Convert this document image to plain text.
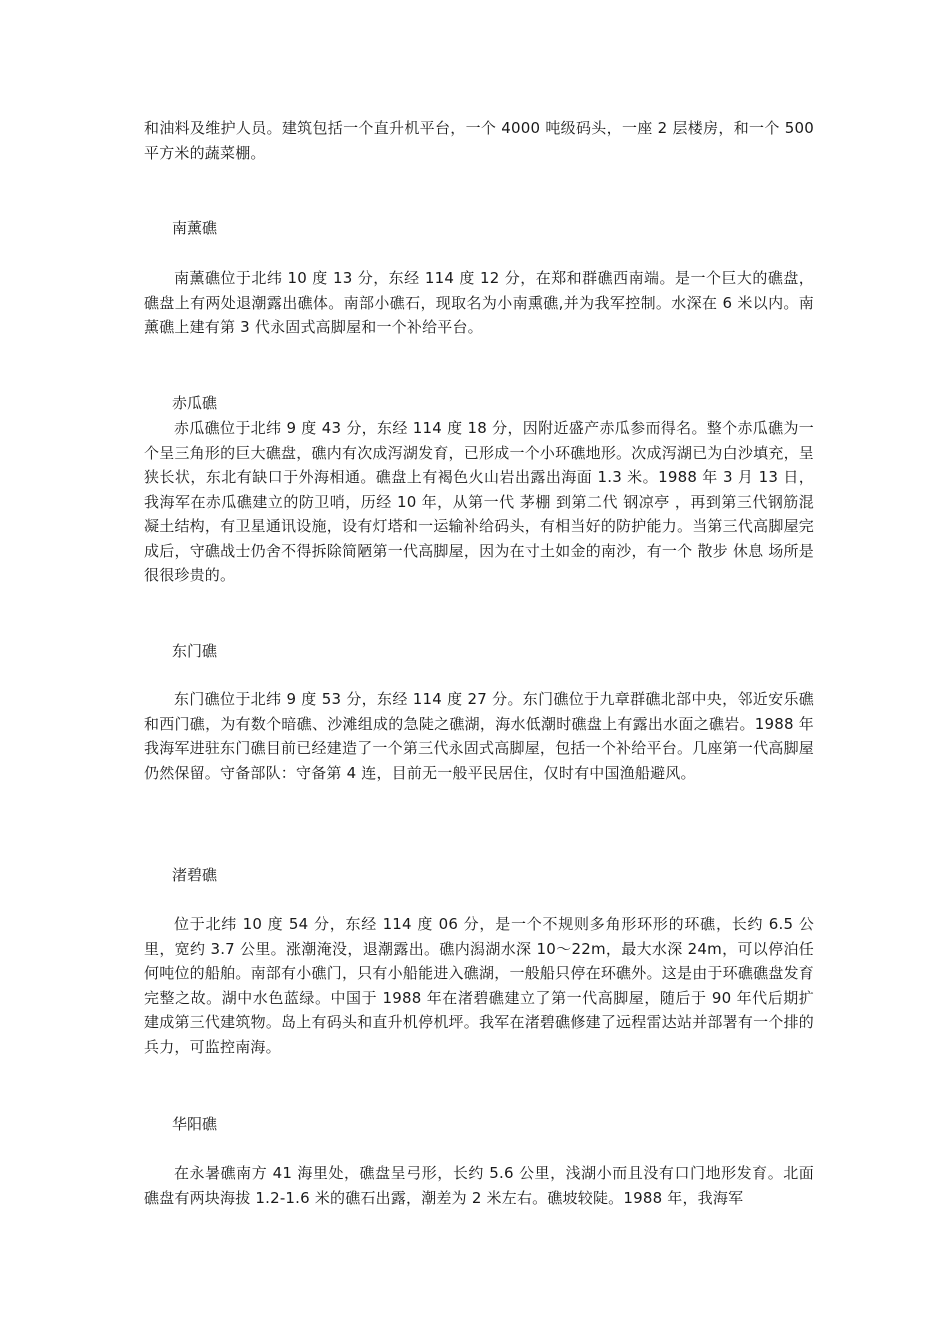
和油料及维护人员。建筑包括一个直升机平台，一个 4000 吨级码头，一座 2 层楼房，和一个 500 平方米的蔬菜棚。

南薰礁

南薰礁位于北纬 10 度 13 分，东经 114 度 12 分，在郑和群礁西南端。是一个巨大的礁盘，礁盘上有两处退潮露出礁体。南部小礁石，现取名为小南熏礁,并为我军控制。水深在 6 米以内。南薰礁上建有第 3 代永固式高脚屋和一个补给平台。

赤瓜礁

赤瓜礁位于北纬 9 度 43 分，东经 114 度 18 分，因附近盛产赤瓜参而得名。整个赤瓜礁为一个呈三角形的巨大礁盘，礁内有次成泻湖发育，已形成一个小环礁地形。次成泻湖已为白沙填充，呈狭长状，东北有缺口于外海相通。礁盘上有褐色火山岩出露出海面 1.3 米。1988 年 3 月 13 日，我海军在赤瓜礁建立的防卫哨，历经 10 年，从第一代 茅棚 到第二代 钢凉亭 ，再到第三代钢筋混凝土结构，有卫星通讯设施，设有灯塔和一运输补给码头，有相当好的防护能力。当第三代高脚屋完成后，守礁战士仍舍不得拆除简陋第一代高脚屋，因为在寸土如金的南沙，有一个 散步 休息 场所是很很珍贵的。

东门礁

东门礁位于北纬 9 度 53 分，东经 114 度 27 分。东门礁位于九章群礁北部中央，邻近安乐礁和西门礁，为有数个暗礁、沙滩组成的急陡之礁湖，海水低潮时礁盘上有露出水面之礁岩。1988 年我海军进驻东门礁目前已经建造了一个第三代永固式高脚屋，包括一个补给平台。几座第一代高脚屋仍然保留。守备部队：守备第 4 连，目前无一般平民居住，仅时有中国渔船避风。

渚碧礁

位于北纬 10 度 54 分，东经 114 度 06 分，是一个不规则多角形环形的环礁，长约 6.5 公里，宽约 3.7 公里。涨潮淹没，退潮露出。礁内潟湖水深 10～22m，最大水深 24m，可以停泊任何吨位的船舶。南部有小礁门，只有小船能进入礁湖，一般船只停在环礁外。这是由于环礁礁盘发育完整之故。湖中水色蓝绿。中国于 1988 年在渚碧礁建立了第一代高脚屋，随后于 90 年代后期扩建成第三代建筑物。岛上有码头和直升机停机坪。我军在渚碧礁修建了远程雷达站并部署有一个排的兵力，可监控南海。

华阳礁

在永暑礁南方 41 海里处，礁盘呈弓形，长约 5.6 公里，浅湖小而且没有口门地形发育。北面礁盘有两块海拔 1.2-1.6 米的礁石出露，潮差为 2 米左右。礁坡较陡。1988 年，我海军
